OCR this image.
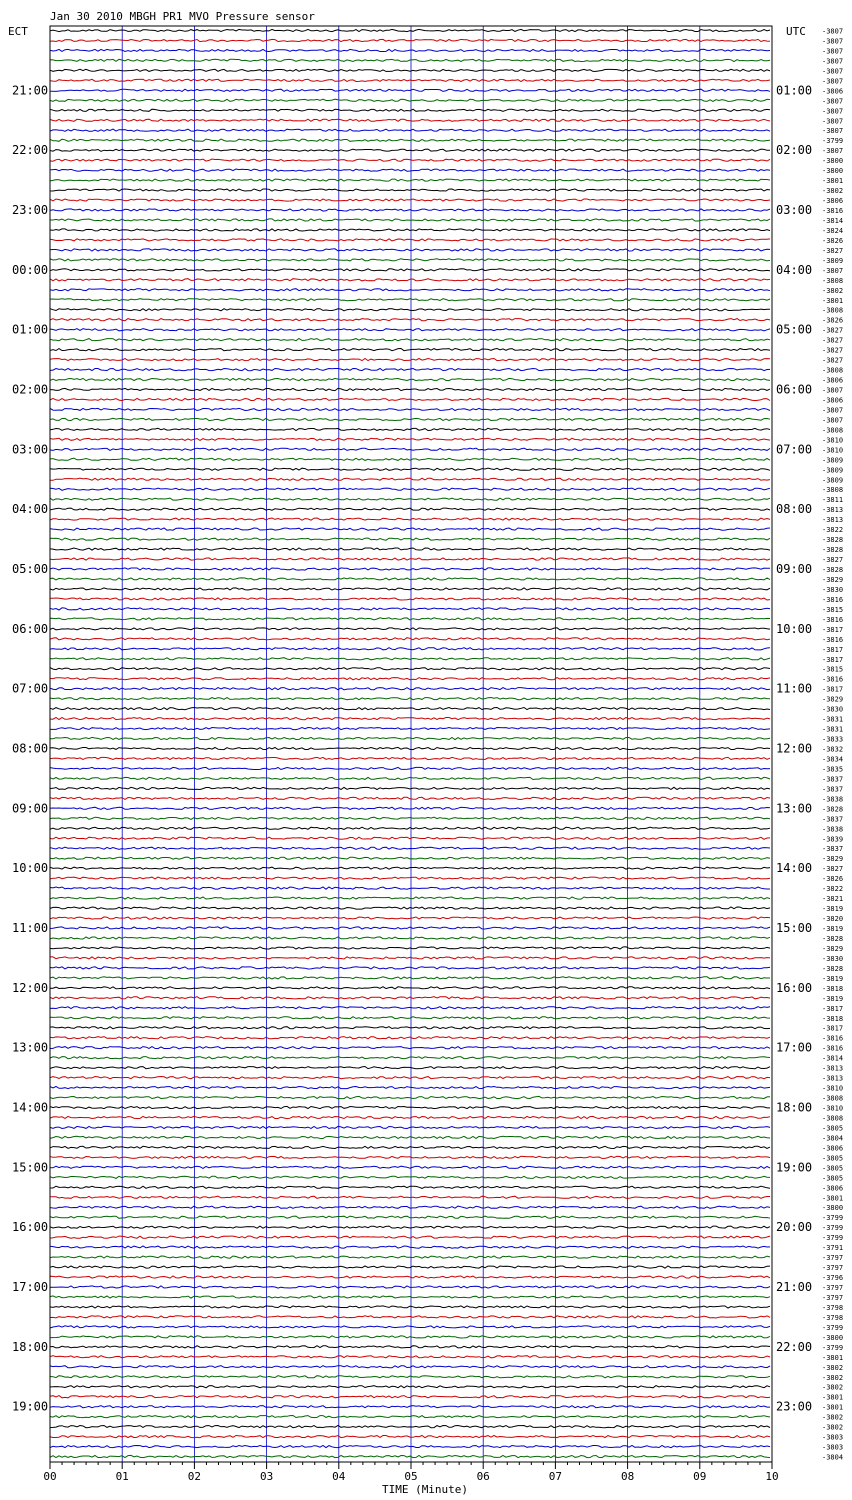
Jan 30 2010 MBGH PR1 MVO Pressure sensor
ECT	UTC
TIME (Minute)
21:00
22:00
23:00
00:00
01:00
02:00
03:00
04:00
05:00
06:00
07:00
08:00
09:00
10:00
11:00
12:00
13:00
14:00
15:00
16:00
17:00
18:00
19:00
01:00
02:00
03:00
04:00
05:00
06:00
07:00
08:00
09:00
10:00
11:00
12:00
13:00
14:00
15:00
16:00
17:00
18:00
19:00
20:00
21:00
22:00
23:00
-3807
-3807
-3807
-3807
-3807
-3807
-3806
-3807
-3807
-3807
-3807
-3799
-3807
-3800
-3800
-3801
-3802
-3806
-3816
-3814
-3824
-3826
-3827
-3809
-3807
-3808
-3802
-3801
-3808
-3826
-3827
-3827
-3827
-3827
-3808
-3806
-3807
-3806
-3807
-3807
-3808
-3810
-3810
-3809
-3809
-3809
-3808
-3811
-3813
-3813
-3822
-3828
-3828
-3827
-3828
-3829
-3830
-3816
-3815
-3816
-3817
-3816
-3817
-3817
-3815
-3816
-3817
-3829
-3830
-3831
-3831
-3833
-3832
-3834
-3835
-3837
-3837
-3838
-3828
-3837
-3838
-3839
-3837
-3829
-3827
-3826
-3822
-3821
-3819
-3820
-3819
-3828
-3829
-3830
-3828
-3819
-3818
-3819
-3817
-3818
-3817
-3816
-3816
-3814
-3813
-3813
-3810
-3808
-3810
-3808
-3805
-3804
-3806
-3805
-3805
-3805
-3806
-3801
-3800
-3799
-3799
-3799
-3791
-3797
-3797
-3796
-3797
-3797
-3798
-3798
-3799
-3800
-3799
-3801
-3802
-3802
-3802
-3801
-3801
-3802
-3802
-3803
-3803
-3804
00	01	02	03	04	05	06	07	08	09	10
